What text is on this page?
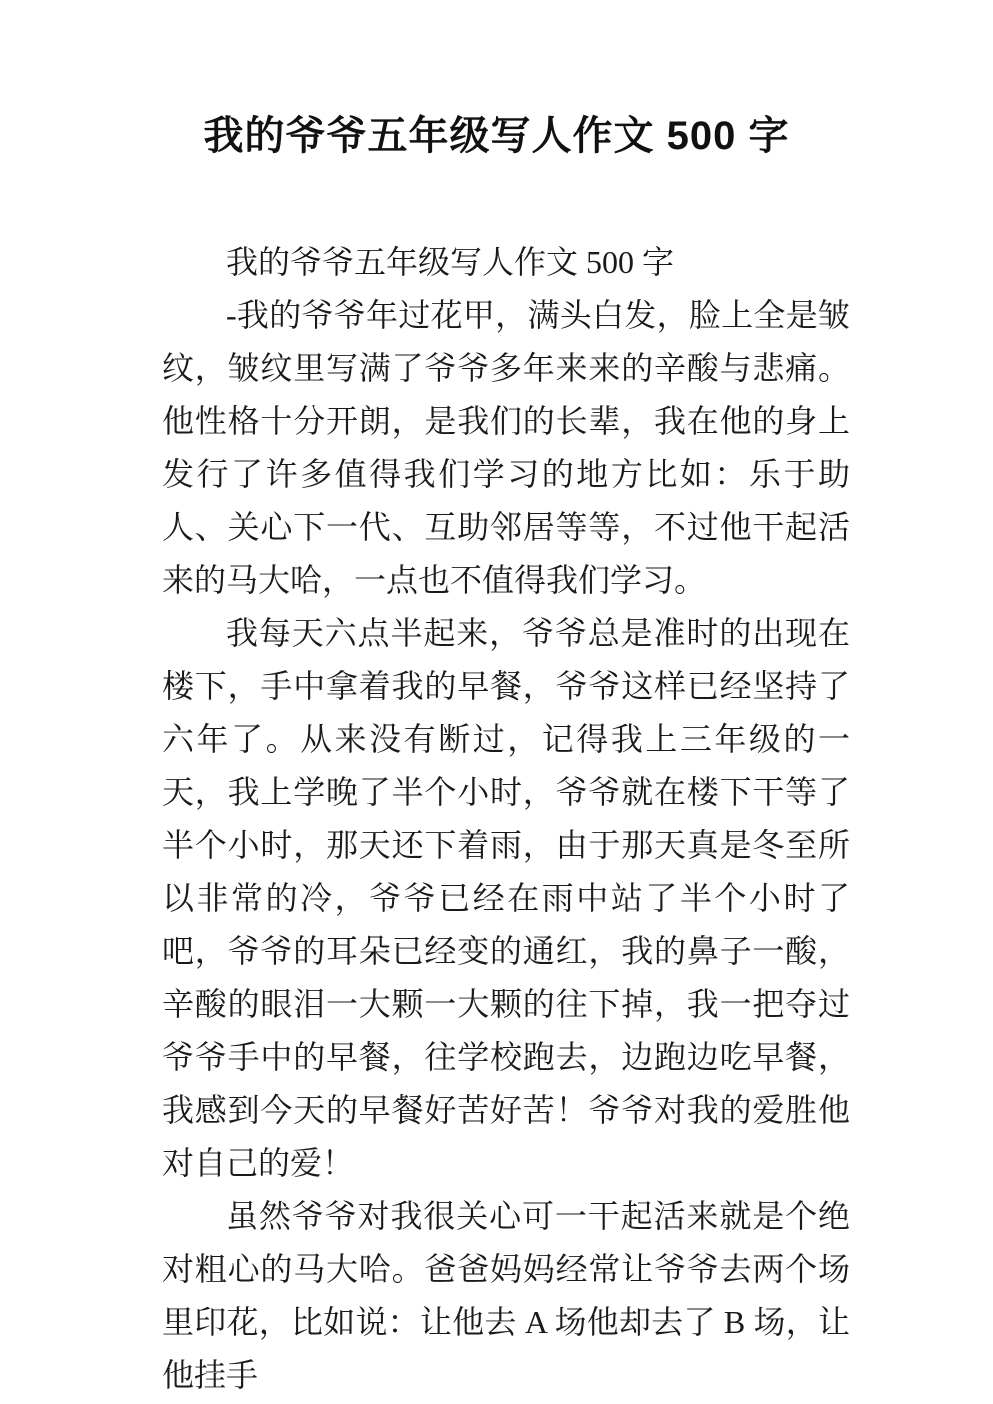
我的爷爷五年级写人作文 500 字

我的爷爷五年级写人作文 500 字

-我的爷爷年过花甲，满头白发，脸上全是皱纹，皱纹里写满了爷爷多年来来的辛酸与悲痛。他性格十分开朗，是我们的长辈，我在他的身上发行了许多值得我们学习的地方比如：乐于助人、关心下一代、互助邻居等等，不过他干起活来的马大哈，一点也不值得我们学习。

我每天六点半起来，爷爷总是准时的出现在楼下，手中拿着我的早餐，爷爷这样已经坚持了六年了。从来没有断过，记得我上三年级的一天，我上学晚了半个小时，爷爷就在楼下干等了半个小时，那天还下着雨，由于那天真是冬至所以非常的冷，爷爷已经在雨中站了半个小时了吧，爷爷的耳朵已经变的通红，我的鼻子一酸，辛酸的眼泪一大颗一大颗的往下掉，我一把夺过爷爷手中的早餐，往学校跑去，边跑边吃早餐，我感到今天的早餐好苦好苦！爷爷对我的爱胜他对自己的爱！

虽然爷爷对我很关心可一干起活来就是个绝对粗心的马大哈。爸爸妈妈经常让爷爷去两个场里印花，比如说：让他去 A 场他却去了 B 场，让他挂手
